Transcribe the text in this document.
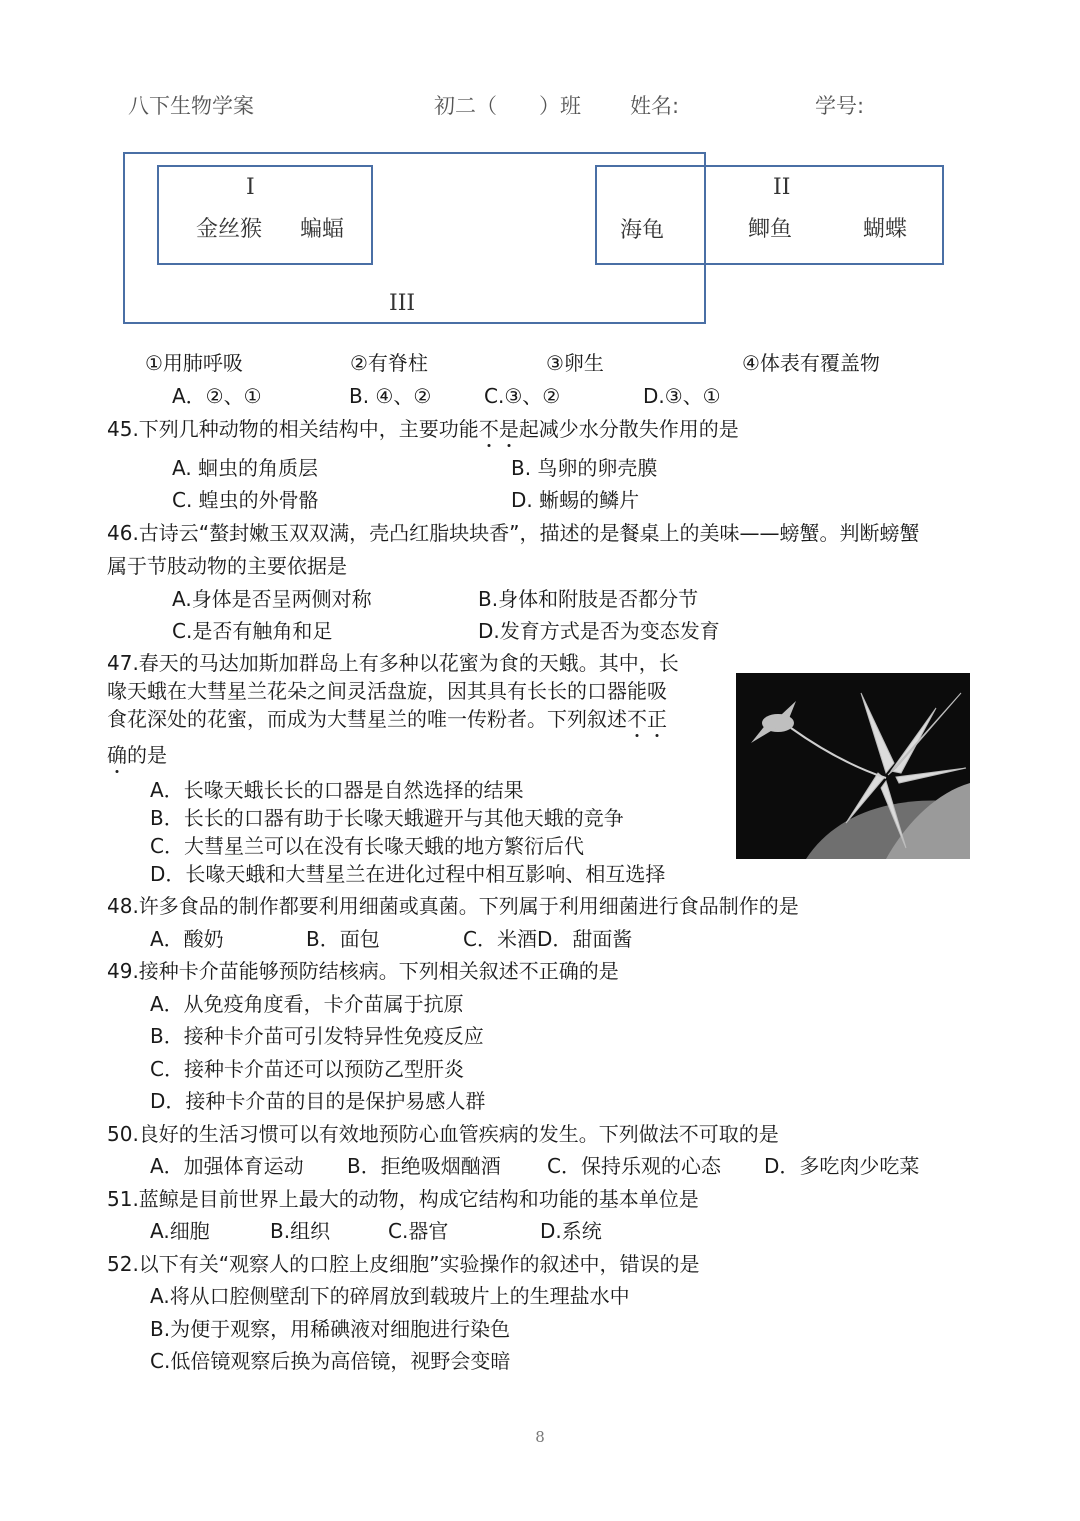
八下生物学案	初二（　　）班 姓名:	学号:
I
金丝猴 蝙蝠
II
海龟	鲫鱼	蝴蝶
III
①用肺呼吸	②有脊柱	③卵生	④体表有覆盖物
A．②、①	B. ④、②	C.③、②	D.③、①
45.下列几种动物的相关结构中，主要功能不是起减少水分散失作用的是
A. 蛔虫的角质层	B. 鸟卵的卵壳膜
C. 蝗虫的外骨骼	D. 蜥蜴的鳞片
46.古诗云“螯封嫩玉双双满，壳凸红脂块块香”，描述的是餐桌上的美味——螃蟹。判断螃蟹
属于节肢动物的主要依据是
A.身体是否呈两侧对称	B.身体和附肢是否都分节
C.是否有触角和足	D.发育方式是否为变态发育
47.春天的马达加斯加群岛上有多种以花蜜为食的天蛾。其中，长
喙天蛾在大彗星兰花朵之间灵活盘旋，因其具有长长的口器能吸
食花深处的花蜜，而成为大彗星兰的唯一传粉者。下列叙述不正
确的是
A．长喙天蛾长长的口器是自然选择的结果
B．长长的口器有助于长喙天蛾避开与其他天蛾的竞争
C．大彗星兰可以在没有长喙天蛾的地方繁衍后代
D．长喙天蛾和大彗星兰在进化过程中相互影响、相互选择
48.许多食品的制作都要利用细菌或真菌。下列属于利用细菌进行食品制作的是
A．酸奶	B．面包	C．米酒D．甜面酱
49.接种卡介苗能够预防结核病。下列相关叙述不正确的是
A．从免疫角度看，卡介苗属于抗原
B．接种卡介苗可引发特异性免疫反应
C．接种卡介苗还可以预防乙型肝炎
D．接种卡介苗的目的是保护易感人群
50.良好的生活习惯可以有效地预防心血管疾病的发生。下列做法不可取的是
A．加强体育运动 B．拒绝吸烟酗酒 C．保持乐观的心态 D．多吃肉少吃菜
51.蓝鲸是目前世界上最大的动物，构成它结构和功能的基本单位是
A.细胞	B.组织	C.器官	D.系统
52.以下有关“观察人的口腔上皮细胞”实验操作的叙述中，错误的是
A.将从口腔侧壁刮下的碎屑放到载玻片上的生理盐水中
B.为便于观察，用稀碘液对细胞进行染色
C.低倍镜观察后换为高倍镜，视野会变暗
8
